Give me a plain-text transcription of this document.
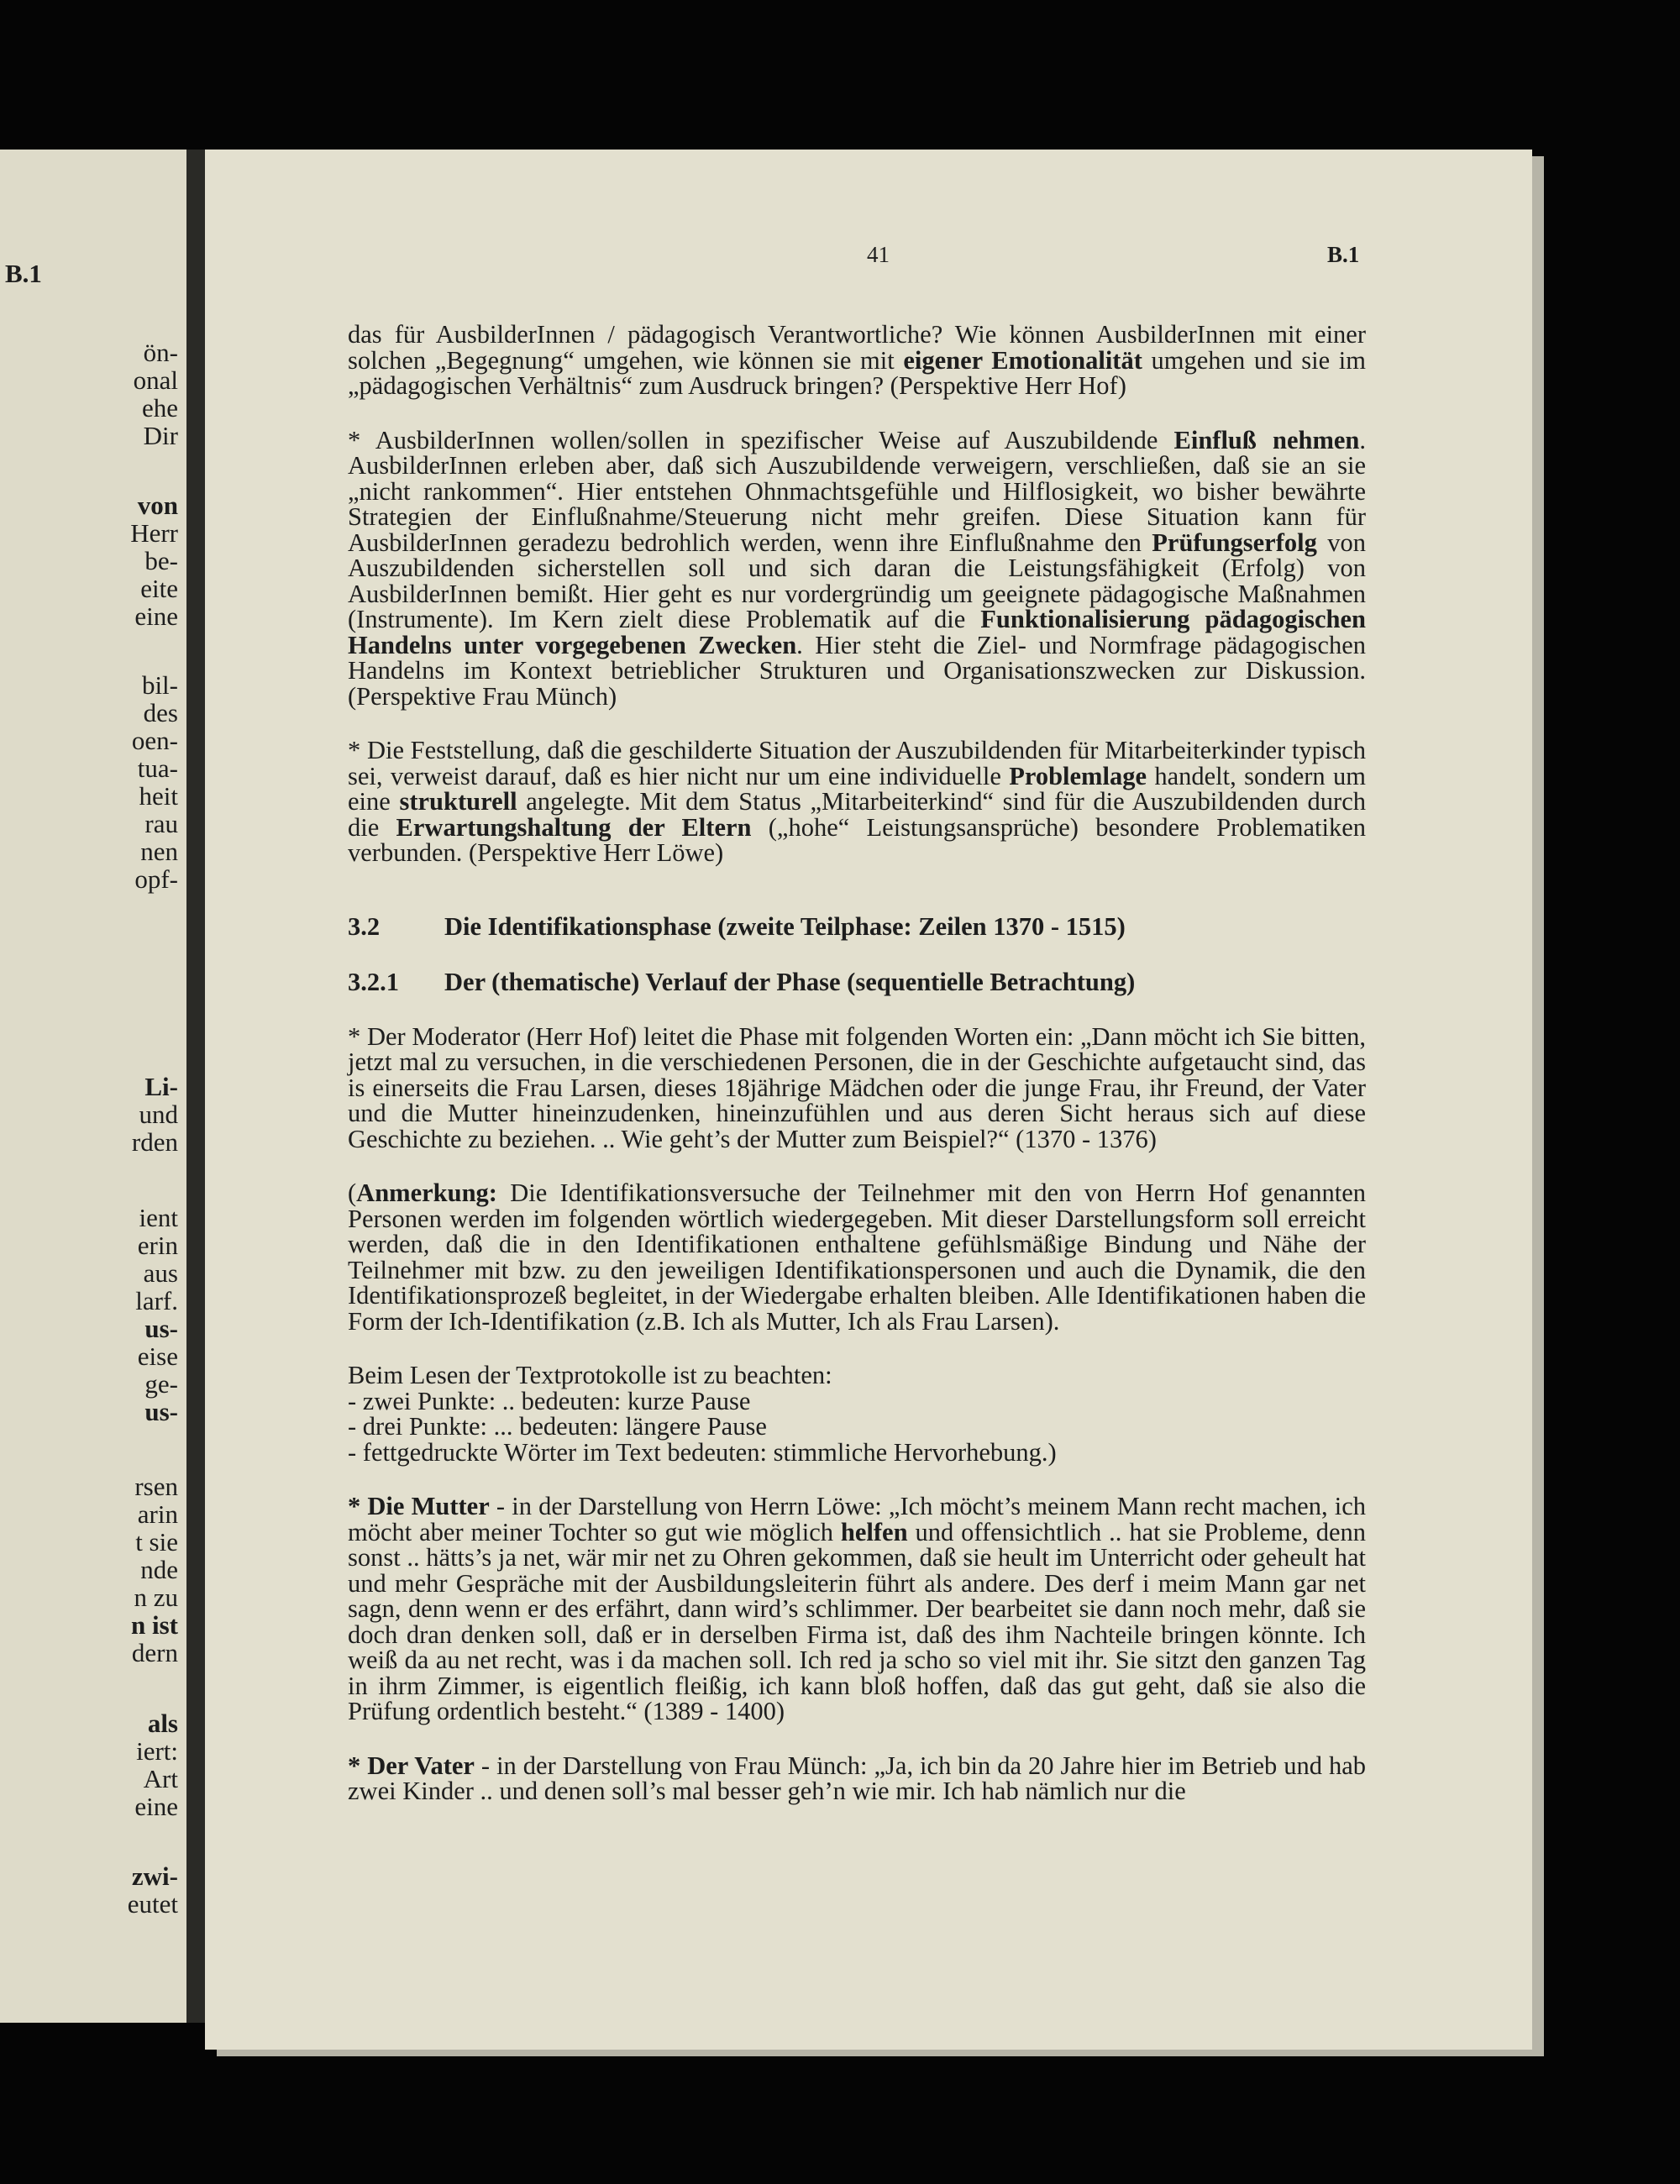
B.1
ön-
onal
ehe
Dir
von
Herr
be-
eite
eine
bil-
des
oen-
tua-
heit
rau
nen
opf-
Li-
und
rden
ient
erin
aus
larf.
us-
eise
ge-
us-
rsen
arin
t sie
nde
n zu
n ist
dern
als
iert:
Art
eine
zwi-
eutet
41	B.1

das für AusbilderInnen / pädagogisch Verantwortliche? Wie können AusbilderInnen mit einer solchen „Begegnung“ umgehen, wie können sie mit eigener Emotionalität umgehen und sie im „pädagogischen Verhältnis“ zum Ausdruck bringen? (Perspektive Herr Hof)

* AusbilderInnen wollen/sollen in spezifischer Weise auf Auszubildende Einfluß nehmen. AusbilderInnen erleben aber, daß sich Auszubildende verweigern, verschließen, daß sie an sie „nicht rankommen“. Hier entstehen Ohnmachtsgefühle und Hilflosigkeit, wo bisher bewährte Strategien der Einflußnahme/Steuerung nicht mehr greifen. Diese Situation kann für AusbilderInnen geradezu bedrohlich werden, wenn ihre Einflußnahme den Prüfungserfolg von Auszubildenden sicherstellen soll und sich daran die Leistungsfähigkeit (Erfolg) von AusbilderInnen bemißt. Hier geht es nur vordergründig um geeignete pädagogische Maßnahmen (Instrumente). Im Kern zielt diese Problematik auf die Funktionalisierung pädagogischen Handelns unter vorgegebenen Zwecken. Hier steht die Ziel- und Normfrage pädagogischen Handelns im Kontext betrieblicher Strukturen und Organisationszwecken zur Diskussion. (Perspektive Frau Münch)

* Die Feststellung, daß die geschilderte Situation der Auszubildenden für Mitarbeiterkinder typisch sei, verweist darauf, daß es hier nicht nur um eine individuelle Problemlage handelt, sondern um eine strukturell angelegte. Mit dem Status „Mitarbeiterkind“ sind für die Auszubildenden durch die Erwartungshaltung der Eltern („hohe“ Leistungsansprüche) besondere Problematiken verbunden. (Perspektive Herr Löwe)

3.2	Die Identifikationsphase (zweite Teilphase: Zeilen 1370 - 1515)
3.2.1	Der (thematische) Verlauf der Phase (sequentielle Betrachtung)

* Der Moderator (Herr Hof) leitet die Phase mit folgenden Worten ein: „Dann möcht ich Sie bitten, jetzt mal zu versuchen, in die verschiedenen Personen, die in der Geschichte aufgetaucht sind, das is einerseits die Frau Larsen, dieses 18jährige Mädchen oder die junge Frau, ihr Freund, der Vater und die Mutter hineinzudenken, hineinzufühlen und aus deren Sicht heraus sich auf diese Geschichte zu beziehen. .. Wie geht’s der Mutter zum Beispiel?“ (1370 - 1376)

(Anmerkung: Die Identifikationsversuche der Teilnehmer mit den von Herrn Hof genannten Personen werden im folgenden wörtlich wiedergegeben. Mit dieser Darstellungsform soll erreicht werden, daß die in den Identifikationen enthaltene gefühlsmäßige Bindung und Nähe der Teilnehmer mit bzw. zu den jeweiligen Identifikationspersonen und auch die Dynamik, die den Identifikationsprozeß begleitet, in der Wiedergabe erhalten bleiben. Alle Identifikationen haben die Form der Ich-Identifikation (z.B. Ich als Mutter, Ich als Frau Larsen).

Beim Lesen der Textprotokolle ist zu beachten:
- zwei Punkte: .. bedeuten: kurze Pause
- drei Punkte: ... bedeuten: längere Pause
- fettgedruckte Wörter im Text bedeuten: stimmliche Hervorhebung.)

* Die Mutter - in der Darstellung von Herrn Löwe: „Ich möcht’s meinem Mann recht machen, ich möcht aber meiner Tochter so gut wie möglich helfen und offensichtlich .. hat sie Probleme, denn sonst .. hätts’s ja net, wär mir net zu Ohren gekommen, daß sie heult im Unterricht oder geheult hat und mehr Gespräche mit der Ausbildungsleiterin führt als andere. Des derf i meim Mann gar net sagn, denn wenn er des erfährt, dann wird’s schlimmer. Der bearbeitet sie dann noch mehr, daß sie doch dran denken soll, daß er in derselben Firma ist, daß des ihm Nachteile bringen könnte. Ich weiß da au net recht, was i da machen soll. Ich red ja scho so viel mit ihr. Sie sitzt den ganzen Tag in ihrm Zimmer, is eigentlich fleißig, ich kann bloß hoffen, daß das gut geht, daß sie also die Prüfung ordentlich besteht.“ (1389 - 1400)

* Der Vater - in der Darstellung von Frau Münch: „Ja, ich bin da 20 Jahre hier im Betrieb und hab zwei Kinder .. und denen soll’s mal besser geh’n wie mir. Ich hab nämlich nur die
